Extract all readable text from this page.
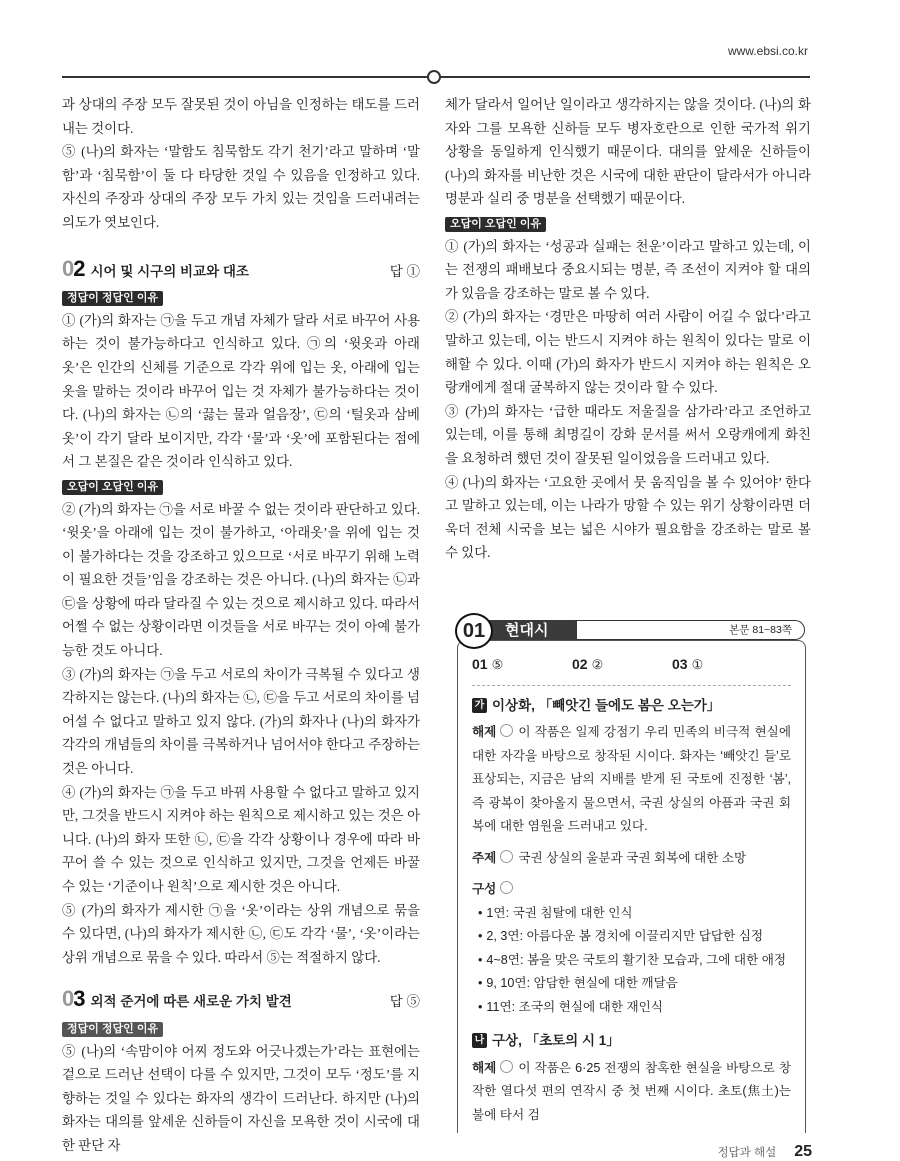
www.ebsi.co.kr

과 상대의 주장 모두 잘못된 것이 아님을 인정하는 태도를 드러내는 것이다.

⑤ (나)의 화자는 ‘말함도 침묵함도 각기 천기’라고 말하며 ‘말함’과 ‘침묵함’이 둘 다 타당한 것일 수 있음을 인정하고 있다. 자신의 주장과 상대의 주장 모두 가치 있는 것임을 드러내려는 의도가 엿보인다.

02 시어 및 시구의 비교와 대조	답 ①
정답이 정답인 이유

① (가)의 화자는 ㉠을 두고 개념 자체가 달라 서로 바꾸어 사용하는 것이 불가능하다고 인식하고 있다. ㉠의 ‘윗옷과 아래옷’은 인간의 신체를 기준으로 각각 위에 입는 옷, 아래에 입는 옷을 말하는 것이라 바꾸어 입는 것 자체가 불가능하다는 것이다. (나)의 화자는 ㉡의 ‘끓는 물과 얼음장’, ㉢의 ‘털옷과 삼베옷’이 각기 달라 보이지만, 각각 ‘물’과 ‘옷’에 포함된다는 점에서 그 본질은 같은 것이라 인식하고 있다.

오답이 오답인 이유

② (가)의 화자는 ㉠을 서로 바꿀 수 없는 것이라 판단하고 있다. ‘윗옷’을 아래에 입는 것이 불가하고, ‘아래옷’을 위에 입는 것이 불가하다는 것을 강조하고 있으므로 ‘서로 바꾸기 위해 노력이 필요한 것들’임을 강조하는 것은 아니다. (나)의 화자는 ㉡과 ㉢을 상황에 따라 달라질 수 있는 것으로 제시하고 있다. 따라서 어쩔 수 없는 상황이라면 이것들을 서로 바꾸는 것이 아예 불가능한 것도 아니다.

③ (가)의 화자는 ㉠을 두고 서로의 차이가 극복될 수 있다고 생각하지는 않는다. (나)의 화자는 ㉡, ㉢을 두고 서로의 차이를 넘어설 수 없다고 말하고 있지 않다. (가)의 화자나 (나)의 화자가 각각의 개념들의 차이를 극복하거나 넘어서야 한다고 주장하는 것은 아니다.

④ (가)의 화자는 ㉠을 두고 바꿔 사용할 수 없다고 말하고 있지만, 그것을 반드시 지켜야 하는 원칙으로 제시하고 있는 것은 아니다. (나)의 화자 또한 ㉡, ㉢을 각각 상황이나 경우에 따라 바꾸어 쓸 수 있는 것으로 인식하고 있지만, 그것을 언제든 바꿀 수 있는 ‘기준이나 원칙’으로 제시한 것은 아니다.

⑤ (가)의 화자가 제시한 ㉠을 ‘옷’이라는 상위 개념으로 묶을 수 있다면, (나)의 화자가 제시한 ㉡, ㉢도 각각 ‘물’, ‘옷’이라는 상위 개념으로 묶을 수 있다. 따라서 ⑤는 적절하지 않다.

03 외적 준거에 따른 새로운 가치 발견	답 ⑤
정답이 정답인 이유

⑤ (나)의 ‘속맘이야 어찌 정도와 어긋나겠는가’라는 표현에는 겉으로 드러난 선택이 다를 수 있지만, 그것이 모두 ‘정도’를 지향하는 것일 수 있다는 화자의 생각이 드러난다. 하지만 (나)의 화자는 대의를 앞세운 신하들이 자신을 모욕한 것이 시국에 대한 판단 자

체가 달라서 일어난 일이라고 생각하지는 않을 것이다. (나)의 화자와 그를 모욕한 신하들 모두 병자호란으로 인한 국가적 위기 상황을 동일하게 인식했기 때문이다. 대의를 앞세운 신하들이 (나)의 화자를 비난한 것은 시국에 대한 판단이 달라서가 아니라 명분과 실리 중 명분을 선택했기 때문이다.

오답이 오답인 이유

① (가)의 화자는 ‘성공과 실패는 천운’이라고 말하고 있는데, 이는 전쟁의 패배보다 중요시되는 명분, 즉 조선이 지켜야 할 대의가 있음을 강조하는 말로 볼 수 있다.

② (가)의 화자는 ‘경만은 마땅히 여러 사람이 어길 수 없다’라고 말하고 있는데, 이는 반드시 지켜야 하는 원칙이 있다는 말로 이해할 수 있다. 이때 (가)의 화자가 반드시 지켜야 하는 원칙은 오랑캐에게 절대 굴복하지 않는 것이라 할 수 있다.

③ (가)의 화자는 ‘급한 때라도 저울질을 삼가라’라고 조언하고 있는데, 이를 통해 최명길이 강화 문서를 써서 오랑캐에게 화친을 요청하려 했던 것이 잘못된 일이었음을 드러내고 있다.

④ (나)의 화자는 ‘고요한 곳에서 뭇 움직임을 볼 수 있어야’ 한다고 말하고 있는데, 이는 나라가 망할 수 있는 위기 상황이라면 더욱더 전체 시국을 보는 넓은 시야가 필요함을 강조하는 말로 볼 수 있다.

01	현대시	본문 81~83쪽
01 ⑤	02 ②	03 ①
가 이상화, 「빼앗긴 들에도 봄은 오는가」

해제 이 작품은 일제 강점기 우리 민족의 비극적 현실에 대한 자각을 바탕으로 창작된 시이다. 화자는 ‘빼앗긴 들’로 표상되는, 지금은 남의 지배를 받게 된 국토에 진정한 ‘봄’, 즉 광복이 찾아올지 물으면서, 국권 상실의 아픔과 국권 회복에 대한 염원을 드러내고 있다.

주제 국권 상실의 울분과 국권 회복에 대한 소망

구성

• 1연: 국권 침탈에 대한 인식
• 2, 3연: 아름다운 봄 경치에 이끌리지만 답답한 심정
• 4~8연: 봄을 맞은 국토의 활기찬 모습과, 그에 대한 애정
• 9, 10연: 암담한 현실에 대한 깨달음
• 11연: 조국의 현실에 대한 재인식
나 구상, 「초토의 시 1」

해제 이 작품은 6·25 전쟁의 참혹한 현실을 바탕으로 창작한 열다섯 편의 연작시 중 첫 번째 시이다. 초토(焦土)는 불에 타서 검

정답과 해설 25
